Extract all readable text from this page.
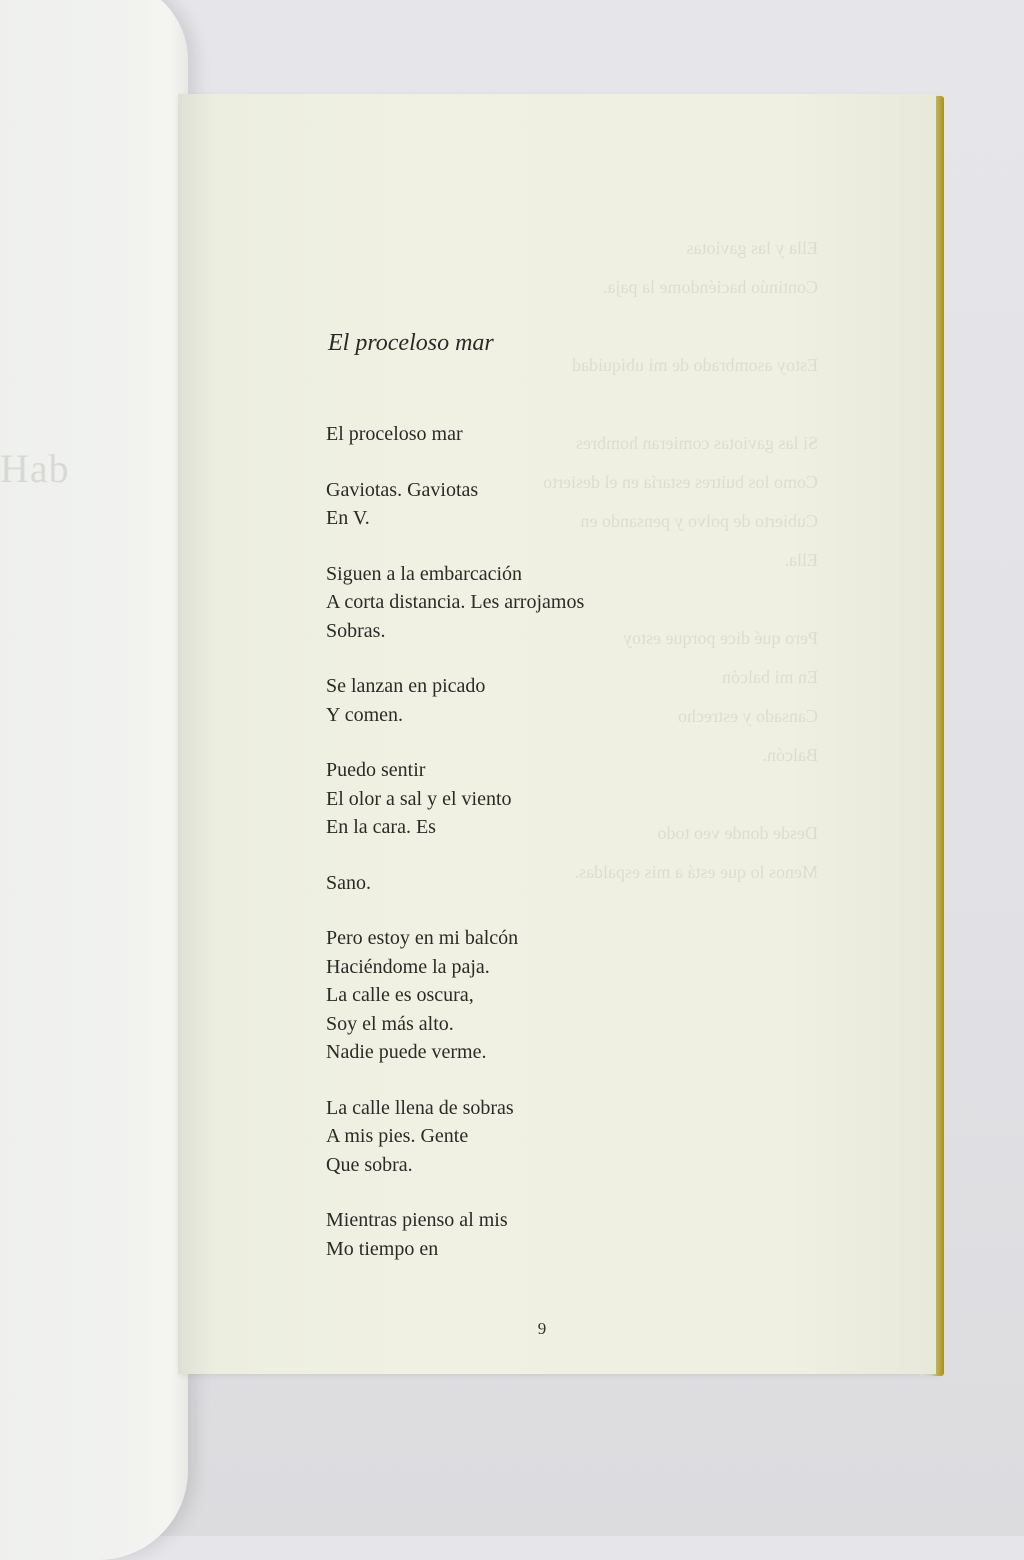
Hab

Ella y las gaviotas

Continúo haciéndome la paja.

Estoy asombrado de mi ubiquidad

Si las gaviotas comieran hombres

Como los buitres estaría en el desierto

Cubierto de polvo y pensando en

Ella.

Pero qué dice porque estoy

En mi balcón

Cansado y estrecho

Balcón.

Desde donde veo todo

Menos lo que está a mis espaldas.

El proceloso mar
El proceloso mar
Gaviotas. Gaviotas
En V.
Siguen a la embarcación
A corta distancia. Les arrojamos
Sobras.
Se lanzan en picado
Y comen.
Puedo sentir
El olor a sal y el viento
En la cara. Es
Sano.
Pero estoy en mi balcón
Haciéndome la paja.
La calle es oscura,
Soy el más alto.
Nadie puede verme.
La calle llena de sobras
A mis pies. Gente
Que sobra.
Mientras pienso al mis
Mo tiempo en
9
